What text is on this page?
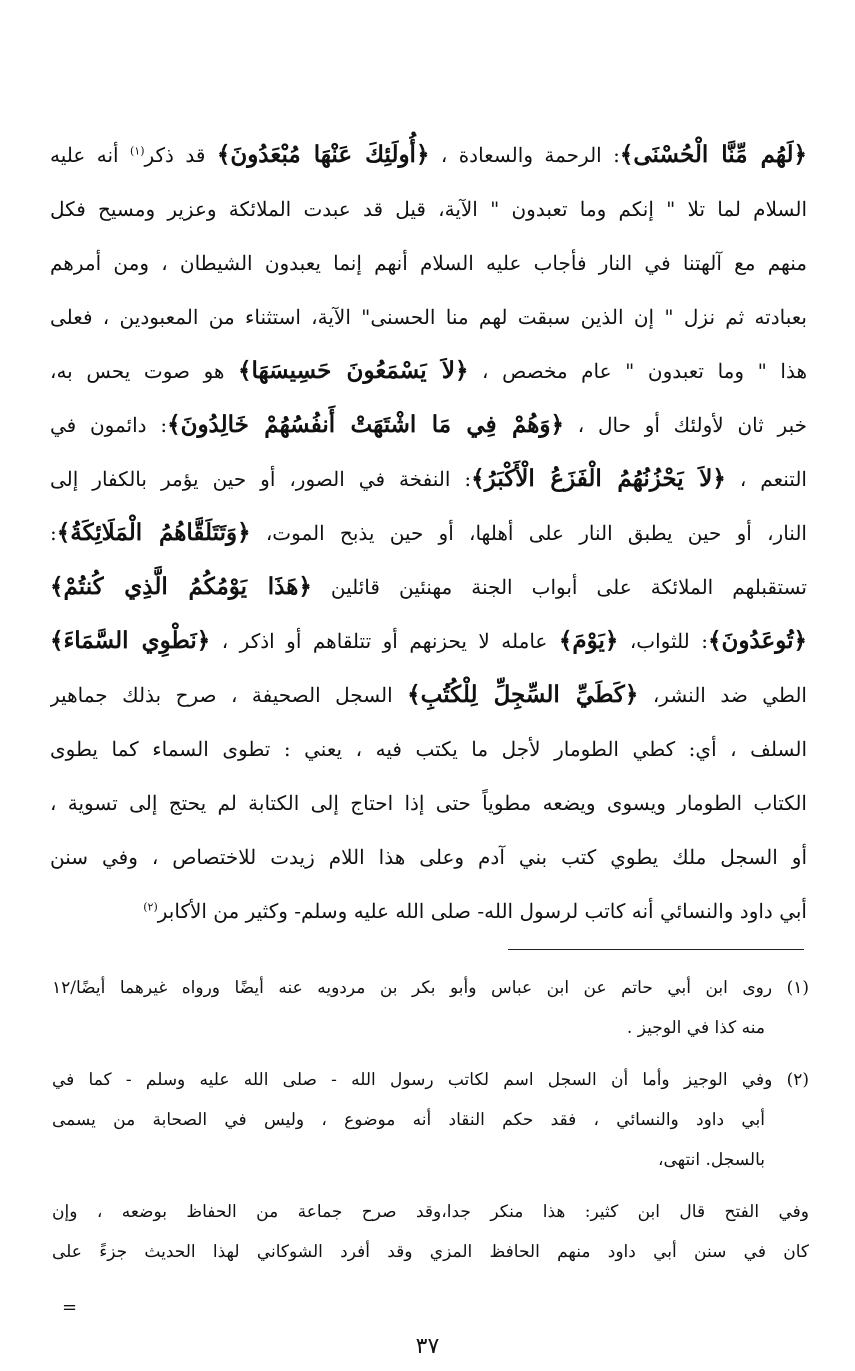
﴿لَهُم مِّنَّا الْحُسْنَى﴾: الرحمة والسعادة ، ﴿أُولَئِكَ عَنْهَا مُبْعَدُونَ﴾ قد ذكر$^{(١)}$ أنه عليه
السلام لما تلا " إنكم وما تعبدون " الآية، قيل قد عبدت الملائكة وعزير ومسيح فكل
منهم مع آلهتنا في النار فأجاب عليه السلام أنهم إنما يعبدون الشيطان ، ومن أمرهم
بعبادته ثم نزل " إن الذين سبقت لهم منا الحسنى" الآية، استثناء من المعبودين ، فعلى
هذا " وما تعبدون " عام مخصص ، ﴿لاَ يَسْمَعُونَ حَسِيسَهَا﴾ هو صوت يحس به،
خبر ثان لأولئك أو حال ، ﴿وَهُمْ فِي مَا اشْتَهَتْ أَنفُسُهُمْ خَالِدُونَ﴾: دائمون في
التنعم ، ﴿لاَ يَحْزُنُهُمُ الْفَزَعُ الْأَكْبَرُ﴾: النفخة في الصور، أو حين يؤمر بالكفار إلى
النار، أو حين يطبق النار على أهلها، أو حين يذبح الموت، ﴿وَتَتَلَقَّاهُمُ الْمَلَائِكَةُ﴾:
تستقبلهم الملائكة على أبواب الجنة مهنئين قائلين ﴿هَذَا يَوْمُكُمُ الَّذِي كُنتُمْ﴾
﴿تُوعَدُونَ﴾: للثواب، ﴿يَوْمَ﴾ عامله لا يحزنهم أو تتلقاهم أو اذكر ، ﴿نَطْوِي السَّمَاءَ﴾
الطي ضد النشر، ﴿كَطَيِّ السِّجِلِّ لِلْكُتُبِ﴾ السجل الصحيفة ، صرح بذلك جماهير
السلف ، أي: كطي الطومار لأجل ما يكتب فيه ، يعني : تطوى السماء كما يطوى
الكتاب الطومار ويسوى ويضعه مطوياً حتى إذا احتاج إلى الكتابة لم يحتج إلى تسوية ،
أو السجل ملك يطوي كتب بني آدم وعلى هذا اللام زيدت للاختصاص ، وفي سنن
أبي داود والنسائي أنه كاتب لرسول الله- صلى الله عليه وسلم- وكثير من الأكابر$^{(٢)}$
(١) روى ابن أبي حاتم عن ابن عباس وأبو بكر بن مردويه عنه أيضًا ورواه غيرهما أيضًا/١٢
منه كذا في الوجيز .
(٢) وفي الوجيز وأما أن السجل اسم لكاتب رسول الله - صلى الله عليه وسلم - كما في
أبي داود والنسائي ، فقد حكم النقاد أنه موضوع ، وليس في الصحابة من يسمى
بالسجل. انتهى،
وفي الفتح قال ابن كثير: هذا منكر جدا،وقد صرح جماعة من الحفاظ بوضعه ، وإن
كان في سنن أبي داود منهم الحافظ المزي وقد أفرد الشوكاني لهذا الحديث جزءً على
=
٣٧
